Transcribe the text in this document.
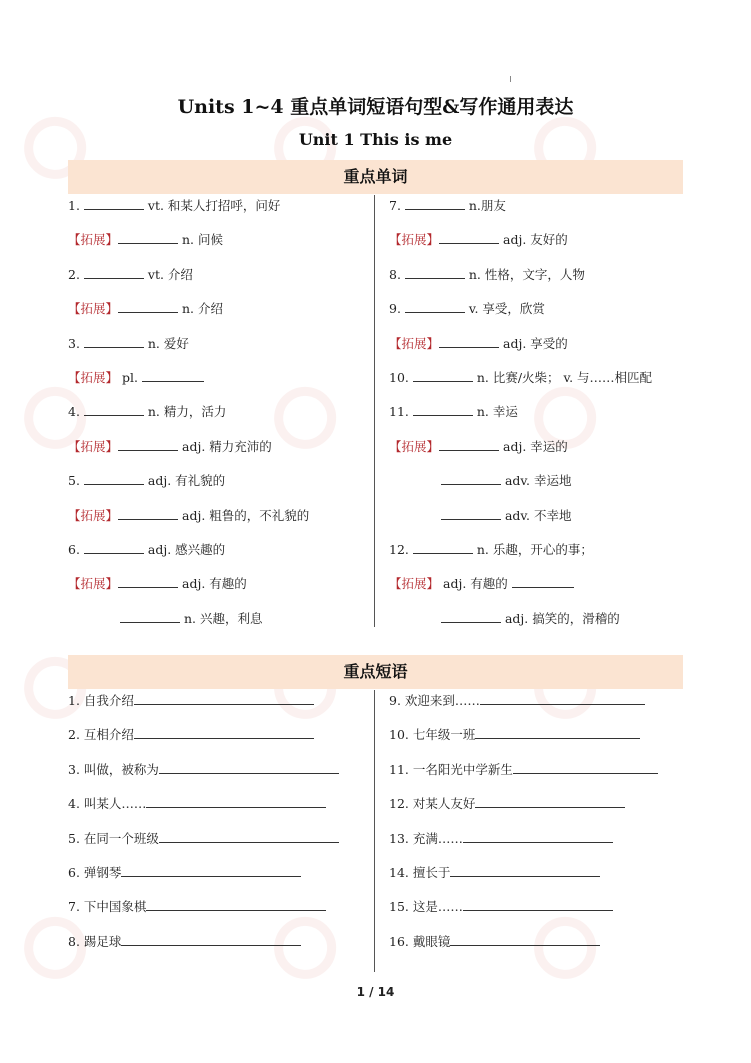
Units 1~4 重点单词短语句型&写作通用表达
Unit 1 This is me
重点单词
1.	vt. 和某人打招呼，问好
【拓展】	n. 问候
2.	vt. 介绍
【拓展】	n. 介绍
3.	n. 爱好
【拓展】 pl.
4.	n. 精力，活力
【拓展】	adj. 精力充沛的
5.	adj. 有礼貌的
【拓展】	adj. 粗鲁的，不礼貌的
6.	adj. 感兴趣的
【拓展】	adj. 有趣的
n. 兴趣，利息
7.	n.朋友
【拓展】	adj. 友好的
8.	n. 性格，文字，人物
9.	v. 享受，欣赏
【拓展】	adj. 享受的
10.	n. 比赛/火柴； v. 与……相匹配
11.	n. 幸运
【拓展】	adj. 幸运的
adv. 幸运地
adv. 不幸地
12.	n. 乐趣，开心的事；
【拓展】 adj. 有趣的
adj. 搞笑的，滑稽的
重点短语
1. 自我介绍
2. 互相介绍
3. 叫做，被称为
4. 叫某人……
5. 在同一个班级
6. 弹钢琴
7. 下中国象棋
8. 踢足球
9. 欢迎来到……
10. 七年级一班
11. 一名阳光中学新生
12. 对某人友好
13. 充满……
14. 擅长于
15. 这是……
16. 戴眼镜
1 / 14
